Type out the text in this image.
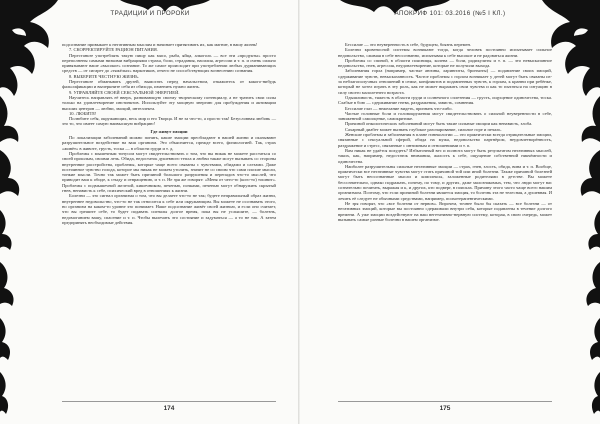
ТРАДИЦИИ И ПРОРОКИ

подсознание привыкает к негативным мыслям и начинает притягивать их, как магнит, в вашу жизнь!

7. СКОРРЕКТИРУЙТЕ РАЦИОН ПИТАНИЯ.

Перестаньте употреблять такую пищу как мясо, рыба, яйца, алкоголь — все эти «продукты» просто переполнены самыми низкими вибрациями страха, боли, страдания, насилия, агрессии и т. п. и очень сильно привязывают ваше «высокое» сознание. То же самое происходит при употреблении любых дурманивающих средств — от сигарет до «тяжёлых» наркотиков, отчего не способствующих вознесению сознания.

8. ВЫБЕРИТЕ ЧЕСТНУЮ ЖИЗНЬ.

Перестаньте обманывать друзей, вымогать перед начальством, откажитесь от какого-нибудь фальсификации и вычеркните себя из обихода, изменить нужно жизнь.

9. УПРАВЛЯЙТЕ СВОЕЙ СЕКСУАЛЬНОЙ ЭНЕРГИЕЙ.

Научитесь направлять её вверх, развивающую своему творческому потенциалу, а не тратить свои силы только на удовлетворение инстинктов. Используйте эту мощную энергию для пробуждения и активации высших центров — любви, эмоций, интеллекта.

10. ЛЮБИТЕ!

Полюбите себя, окружающих, весь мир и его Творца. И не за что-то, а просто так! Безусловная любовь — это то, что имеет самую наивысшую вибрацию!

Где живут эмоции

По локализации заболеваний можно понять, какие эмоции преобладают в вашей жизни и оказывают разрушительное воздействие на ваш организм. Это объясняется, прежде всего, физиологией. Так, страх «живёт» в животе, грусть, тоска — в области груди и т. д.

Проблемы с мышечным тонусом могут свидетельствовать о том, что вы никак не можете расстаться со своей прошлым, своими лечь. Обида, недостаток душевного тепла и любви также могут вызывать со стороны внутренние расстройства, проблемы, которые чаще всего связаны с чувствами, обидами и слезами. Даже постоянное чувство голода, которое мы никак не можем утолить, значит не со своим что сами плохие мысли, тонкие мысли. Точно так может быть причиной большого разрушения и перепадов что-то мыслей, что приводит ваш к обиде, к стыду и отвращению, и т. п. Не зря же говорят: «Меня от чего-то (кого-то) тошнит». Проблемы с подмышечной железой, кишечником, печенью, почками, печенью могут обнаружить скрытый гнев, ненависть к себе, психический вред в отношениях к жизни.

Болезни — это сигнал организма о том, что вы делаете что-то не так; будете неправильный образ жизни, внутреннее недовольство, что-то не так относится к себе или окружающим. Вы можете не осознавать этого, но организм на каком-то уровне это понимает. Наше подсознание живёт своей жизнью, и если оно считает, что вы грешите себе, то будет подавать сигналы долгое время, пока вы не услышите, — болезнь, недомоганием вашу, спасение и т. п. Чтобы вылечить это состояние и задуматься — а то не так. А затем предпринять необходимые действия.

174
АПОКРИФ 101: 03.2016 (№5 I КЛ.)

Бессилие — это неуверенность в себе, будущем, боязнь перемен.

Болезни кровеносной системы возникают тогда, когда человек постоянно испытывает сильное недовольство, сжимая в себе неосознанно, испытывая к себе высокое и не радоваться жизни.

Проблемы со спиной, в области поясницы, колена — боли, радикулиты и т. п. — это невысказанное недовольство, гнев, агрессия, неудовлетворение, которые не получили выхода.

Заболевания горла (например, частые ангины, ларингиты, бронхиты) — подавление своих эмоций, сдерживание чувств, невысказанность. Частое проблемы с горлом возникает у детей могут быть связаны из-за неблагополучных отношений в семье, конфликтов и подавленных чувств, к горлам, к кранни при ребёнке, который не хотел играть в эту роль, как не может выражать свои чувства и как то пытаться на ситуацию в силу своего малолетнего возраста.

Одышливость, тяжесть в области груди и солнечного сплетения — грусть, ощущение одиночества, тоска. Слабые в бою — сдерживание гнева, раздражения, зависть, сомнения.

Бессилие глаз — нежелание видеть, признать что-либо.

Частые головные боли и головокружения могут свидетельствовать о сильной неуверенности в себе, заниженной самооценке, самокритике.

Причиной онкологических заболеваний могут быть такие сильные эмоции как ненависть, злоба.

Сахарный диабет может вызвать глубокое разочарование, сильное горе и печаль.

Женские проблемы и заболевания в плане гинекологии — это практически всегда отрицательные эмоции, связанные с сексуальной сферой, обида на мужа, недовольство партнёром, неудовлетворённость, раздражение и стресс, связанные с интимным и отношениями и т. п.

Вам никак не удаётся похудеть? Избыточный вес и полнота могут быть результатом негативных мыслей, таких, как, например, недостаток внимания, жалость к себе, ощущение собственной никчёмности и одиночества.

Наиболее разрушительны сильные негативные эмоции — страх, гнев, злость, обида, вина и т. п. Вообще, практически все негативные чувства могут стать причиной той или иной болезни. Также причиной болезней могут быть неосознанные мысли и комплексы, заложенные родителями в детстве. Вы можете бессознательно, однако подражать, почему, по тому, и других, даже малознакомых, тем, что люди могут вас сознательно почитать, выражая и к, и других, кто подверг, в поисках. Причину этого часто чаще всего нашим организмом. Поэтому, что если причиной болезни является эмоция, то болезнь эта не телесная, а душевная. И лечить её следует не обычными средствами, например, психотерапевтическими.

Не зря говорят, что «все болезни от нервов». Впрочем, точнее было бы сказать — все болезни — от негативных эмоций, которые вы постоянно сдерживали внутри себя, которые подавлены в течение долгого времени. А уже эмоции воздействуют на ваш вегетативно-нервную систему, которая, в свою очередь, может вызывать самые разные болезни в вашем организме.

175
